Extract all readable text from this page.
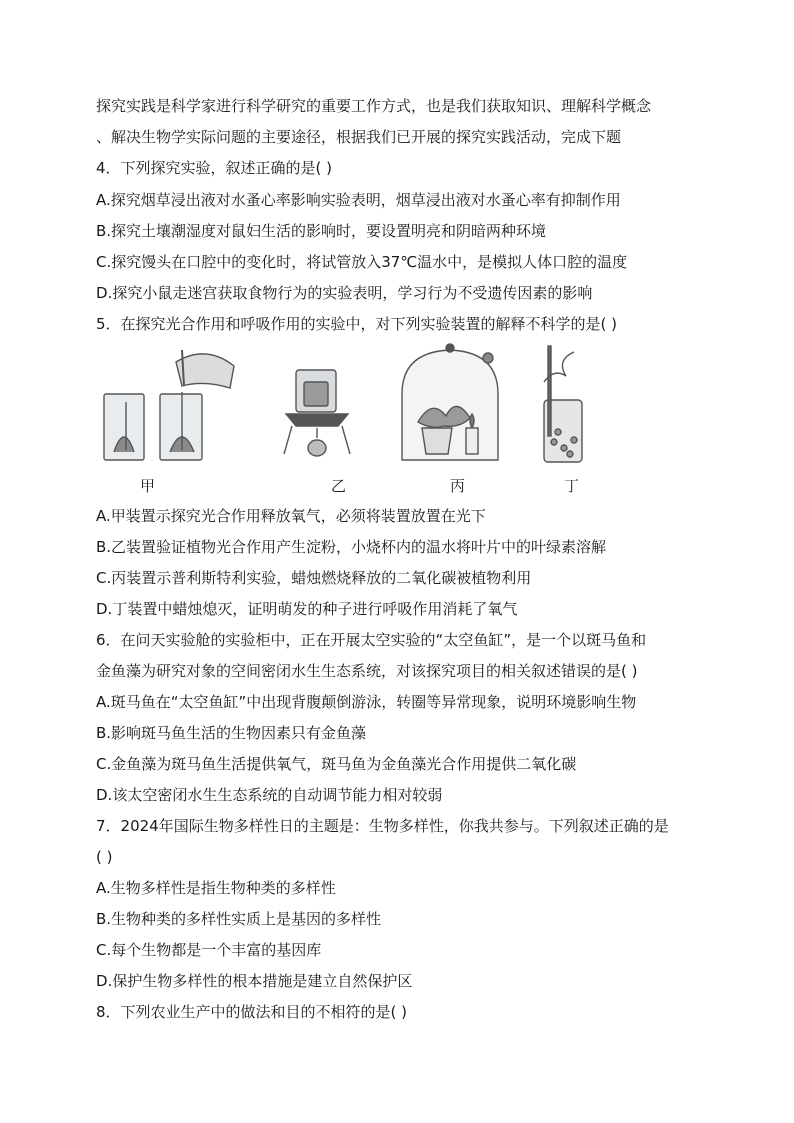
探究实践是科学家进行科学研究的重要工作方式，也是我们获取知识、理解科学概念
、解决生物学实际问题的主要途径，根据我们已开展的探究实践活动，完成下题
4．下列探究实验，叙述正确的是( )
A.探究烟草浸出液对水蚤心率影响实验表明，烟草浸出液对水蚤心率有抑制作用
B.探究土壤潮湿度对鼠妇生活的影响时，要设置明亮和阴暗两种环境
C.探究馒头在口腔中的变化时，将试管放入37℃温水中，是模拟人体口腔的温度
D.探究小鼠走迷宫获取食物行为的实验表明，学习行为不受遗传因素的影响
5．在探究光合作用和呼吸作用的实验中，对下列实验装置的解释不科学的是( )
甲	乙	丙	丁
A.甲装置示探究光合作用释放氧气，必须将装置放置在光下
B.乙装置验证植物光合作用产生淀粉，小烧杯内的温水将叶片中的叶绿素溶解
C.丙装置示普利斯特利实验，蜡烛燃烧释放的二氧化碳被植物利用
D.丁装置中蜡烛熄灭，证明萌发的种子进行呼吸作用消耗了氧气
6．在问天实验舱的实验柜中，正在开展太空实验的“太空鱼缸”，是一个以斑马鱼和
金鱼藻为研究对象的空间密闭水生生态系统，对该探究项目的相关叙述错误的是( )
A.斑马鱼在“太空鱼缸”中出现背腹颠倒游泳，转圈等异常现象，说明环境影响生物
B.影响斑马鱼生活的生物因素只有金鱼藻
C.金鱼藻为斑马鱼生活提供氧气，斑马鱼为金鱼藻光合作用提供二氧化碳
D.该太空密闭水生生态系统的自动调节能力相对较弱
7．2024年国际生物多样性日的主题是：生物多样性，你我共参与。下列叙述正确的是
( )
A.生物多样性是指生物种类的多样性
B.生物种类的多样性实质上是基因的多样性
C.每个生物都是一个丰富的基因库
D.保护生物多样性的根本措施是建立自然保护区
8．下列农业生产中的做法和目的不相符的是( )
